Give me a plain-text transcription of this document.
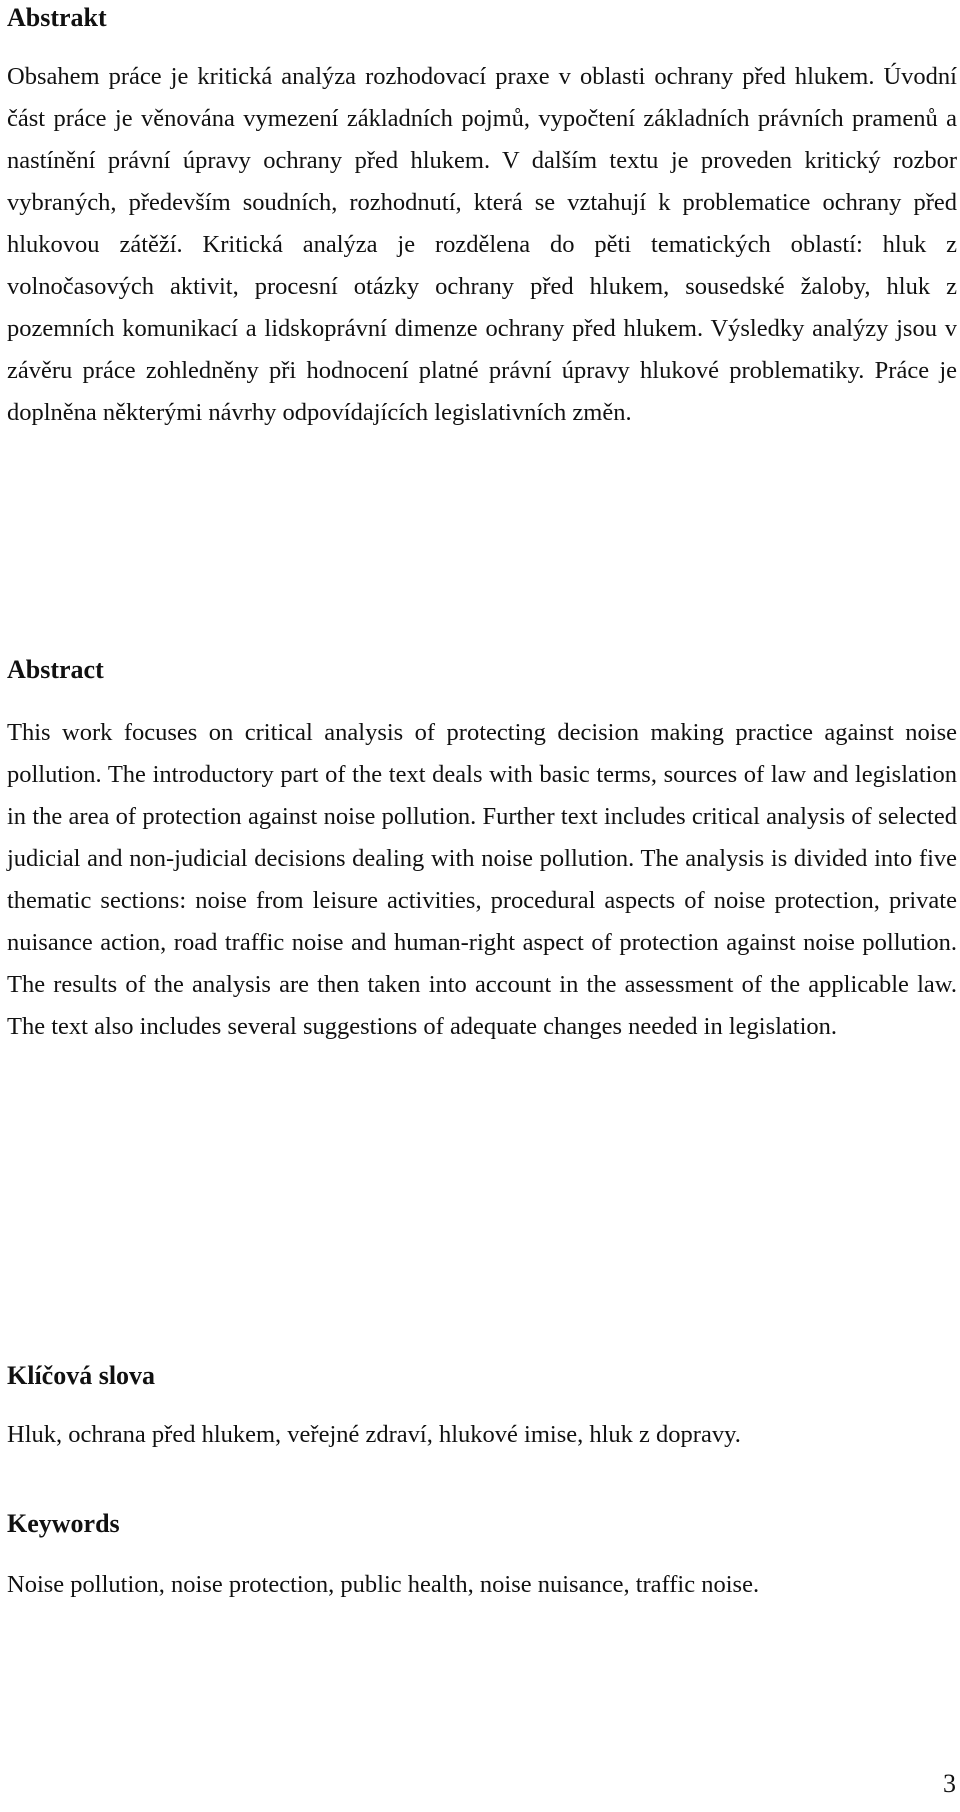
Abstrakt

Obsahem práce je kritická analýza rozhodovací praxe v oblasti ochrany před hlukem. Úvodní část práce je věnována vymezení základních pojmů, vypočtení základních právních pramenů a nastínění právní úpravy ochrany před hlukem. V dalším textu je proveden kritický rozbor vybraných, především soudních, rozhodnutí, která se vztahují k problematice ochrany před hlukovou zátěží. Kritická analýza je rozdělena do pěti tematických oblastí: hluk z volnočasových aktivit, procesní otázky ochrany před hlukem, sousedské žaloby, hluk z pozemních komunikací a lidskoprávní dimenze ochrany před hlukem. Výsledky analýzy jsou v závěru práce zohledněny při hodnocení platné právní úpravy hlukové problematiky. Práce je doplněna některými návrhy odpovídajících legislativních změn.

Abstract

This work focuses on critical analysis of protecting decision making practice against noise pollution. The introductory part of the text deals with basic terms, sources of law and legislation in the area of protection against noise pollution. Further text includes critical analysis of selected judicial and non-judicial decisions dealing with noise pollution. The analysis is divided into five thematic sections: noise from leisure activities, procedural aspects of noise protection, private nuisance action, road traffic noise and human-right aspect of protection against noise pollution. The results of the analysis are then taken into account in the assessment of the applicable law. The text also includes several suggestions of adequate changes needed in legislation.

Klíčová slova

Hluk, ochrana před hlukem, veřejné zdraví, hlukové imise, hluk z dopravy.

Keywords

Noise pollution, noise protection, public health, noise nuisance, traffic noise.

3
